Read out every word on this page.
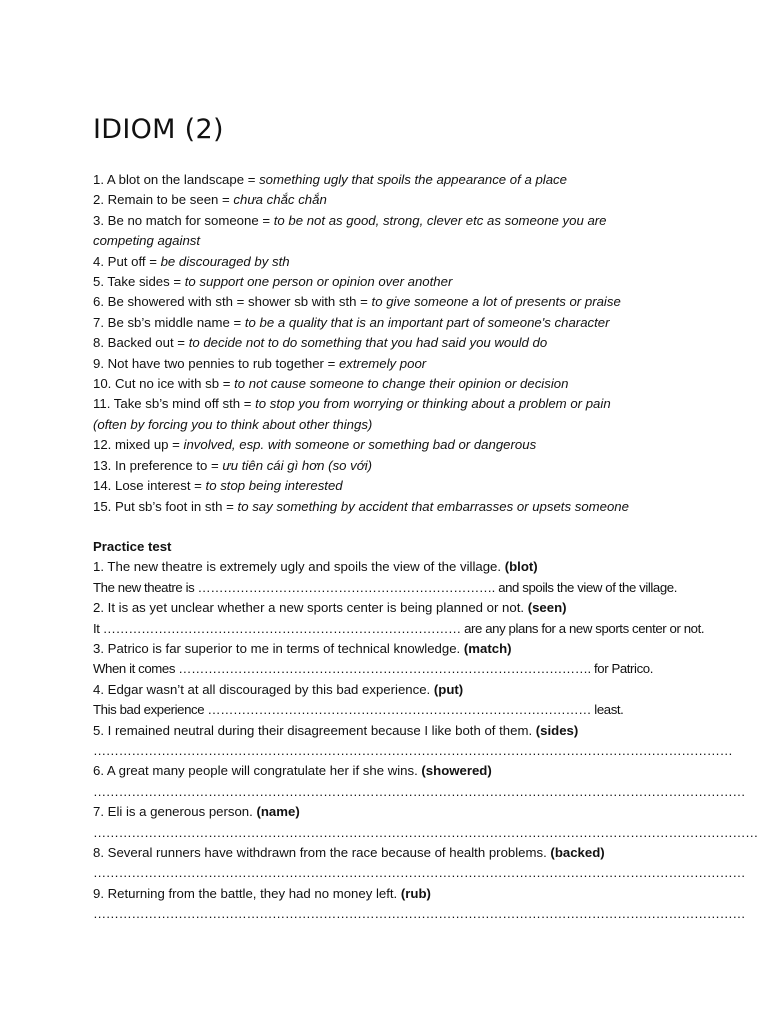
IDIOM (2)
1. A blot on the landscape = something ugly that spoils the appearance of a place
2. Remain to be seen = chưa chắc chắn
3. Be no match for someone = to be not as good, strong, clever etc as someone you are
competing against
4. Put off = be discouraged by sth
5. Take sides = to support one person or opinion over another
6. Be showered with sth = shower sb with sth = to give someone a lot of presents or praise
7. Be sb’s middle name = to be a quality that is an important part of someone's character
8. Backed out = to decide not to do something that you had said you would do
9. Not have two pennies to rub together = extremely poor
10. Cut no ice with sb = to not cause someone to change their opinion or decision
11. Take sb’s mind off sth = to stop you from worrying or thinking about a problem or pain
(often by forcing you to think about other things)
12. mixed up = involved, esp. with someone or something bad or dangerous
13. In preference to = ưu tiên cái gì hơn (so với)
14. Lose interest = to stop being interested
15. Put sb’s foot in sth = to say something by accident that embarrasses or upsets someone
Practice test
1. The new theatre is extremely ugly and spoils the view of the village. (blot)
The new theatre is ……………………………………………………………. and spoils the view of the village.
2. It is as yet unclear whether a new sports center is being planned or not. (seen)
It ………………………………………………………………………… are any plans for a new sports center or not.
3. Patrico is far superior to me in terms of technical knowledge. (match)
When it comes ……………………………………………………………………………………. for Patrico.
4. Edgar wasn’t at all discouraged by this bad experience. (put)
This bad experience ……………………………………………………………………………… least.
5. I remained neutral during their disagreement because I like both of them. (sides)
……………………………………………………………………………………………………………………………………
6. A great many people will congratulate her if she wins. (showered)
………………………………………………………………………………………………………………………………………
7. Eli is a generous person. (name)
…………………………………………………………………………………………………………………………………………
8. Several runners have withdrawn from the race because of health problems. (backed)
………………………………………………………………………………………………………………………………………
9. Returning from the battle, they had no money left. (rub)
………………………………………………………………………………………………………………………………………
